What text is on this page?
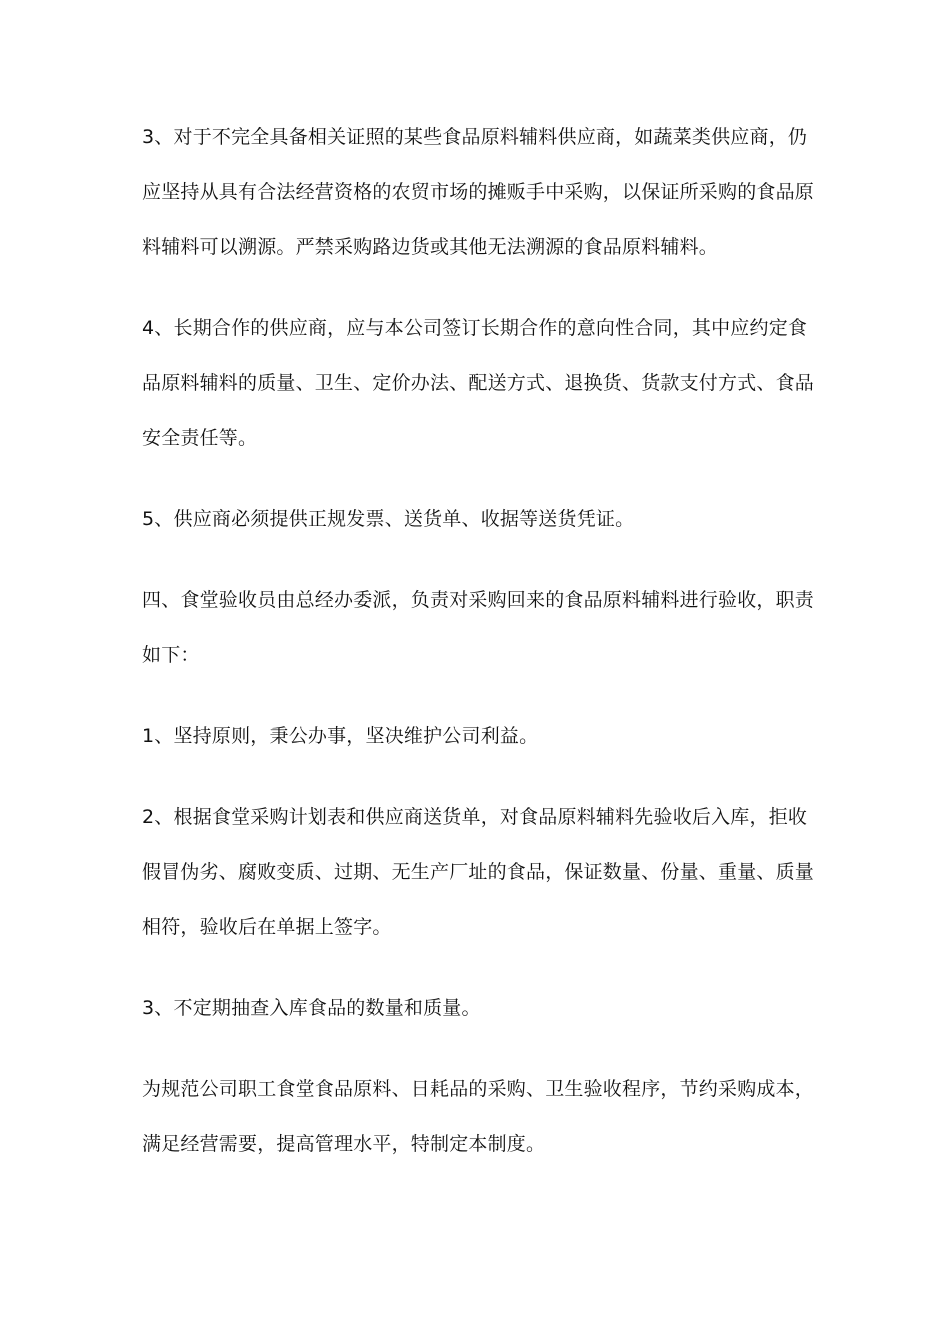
3、对于不完全具备相关证照的某些食品原料辅料供应商，如蔬菜类供应商，仍应坚持从具有合法经营资格的农贸市场的摊贩手中采购，以保证所采购的食品原料辅料可以溯源。严禁采购路边货或其他无法溯源的食品原料辅料。

4、长期合作的供应商，应与本公司签订长期合作的意向性合同，其中应约定食品原料辅料的质量、卫生、定价办法、配送方式、退换货、货款支付方式、食品安全责任等。

5、供应商必须提供正规发票、送货单、收据等送货凭证。

四、食堂验收员由总经办委派，负责对采购回来的食品原料辅料进行验收，职责如下：

1、坚持原则，秉公办事，坚决维护公司利益。

2、根据食堂采购计划表和供应商送货单，对食品原料辅料先验收后入库，拒收假冒伪劣、腐败变质、过期、无生产厂址的食品，保证数量、份量、重量、质量相符，验收后在单据上签字。

3、不定期抽查入库食品的数量和质量。

为规范公司职工食堂食品原料、日耗品的采购、卫生验收程序，节约采购成本，满足经营需要，提高管理水平，特制定本制度。
